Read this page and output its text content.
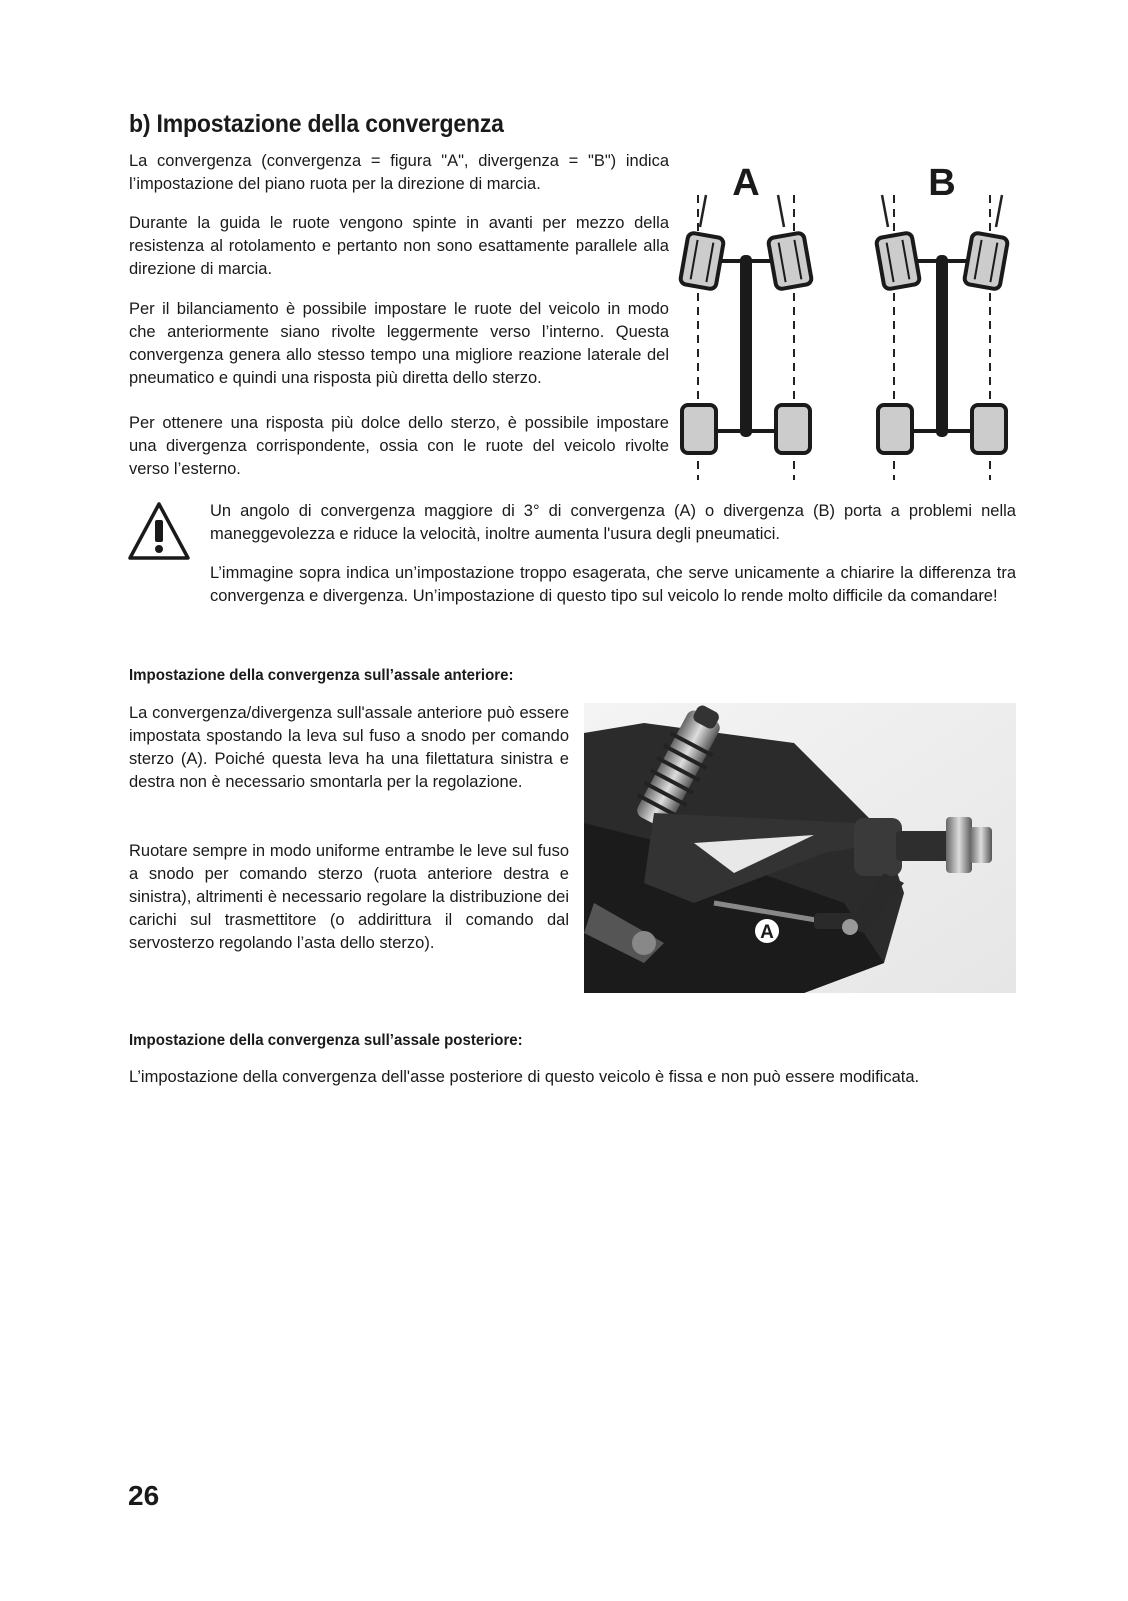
b) Impostazione della convergenza

La convergenza (convergenza = figura "A", divergenza = "B") indica l’impostazione del piano ruota per la direzione di marcia.

Durante la guida le ruote vengono spinte in avanti per mezzo della resistenza al rotolamento e pertanto non sono esattamente parallele alla direzione di marcia.

Per il bilanciamento è possibile impostare le ruote del veicolo in modo che anteriormente siano rivolte leggermente verso l’interno. Questa convergenza genera allo stesso tempo una migliore reazione laterale del pneumatico e quindi una risposta più diretta dello sterzo.

Per ottenere una risposta più dolce dello sterzo, è possibile impostare una divergenza corrispondente, ossia con le ruote del veicolo rivolte verso l’esterno.

A	B

Un angolo di convergenza maggiore di 3° di convergenza (A) o divergenza (B) porta a problemi nella maneggevolezza e riduce la velocità, inoltre aumenta l'usura degli pneumatici.

L’immagine sopra indica un’impostazione troppo esagerata, che serve unicamente a chiarire la differenza tra convergenza e divergenza. Un’impostazione di questo tipo sul veicolo lo rende molto difficile da comandare!

Impostazione della convergenza sull’assale anteriore:

La convergenza/divergenza sull'assale anteriore può essere impostata spostando la leva sul fuso a snodo per comando sterzo (A). Poiché questa leva ha una filettatura sinistra e destra non è necessario smontarla per la regolazione.

Ruotare sempre in modo uniforme entrambe le leve sul fuso a snodo per comando sterzo (ruota anteriore destra e sinistra), altrimenti è necessario regolare la distribuzione dei carichi sul trasmettitore (o addirittura il comando dal servosterzo regolando l’asta dello sterzo).	A
Impostazione della convergenza sull’assale posteriore:

L’impostazione della convergenza dell'asse posteriore di questo veicolo è fissa e non può essere modificata.

26
